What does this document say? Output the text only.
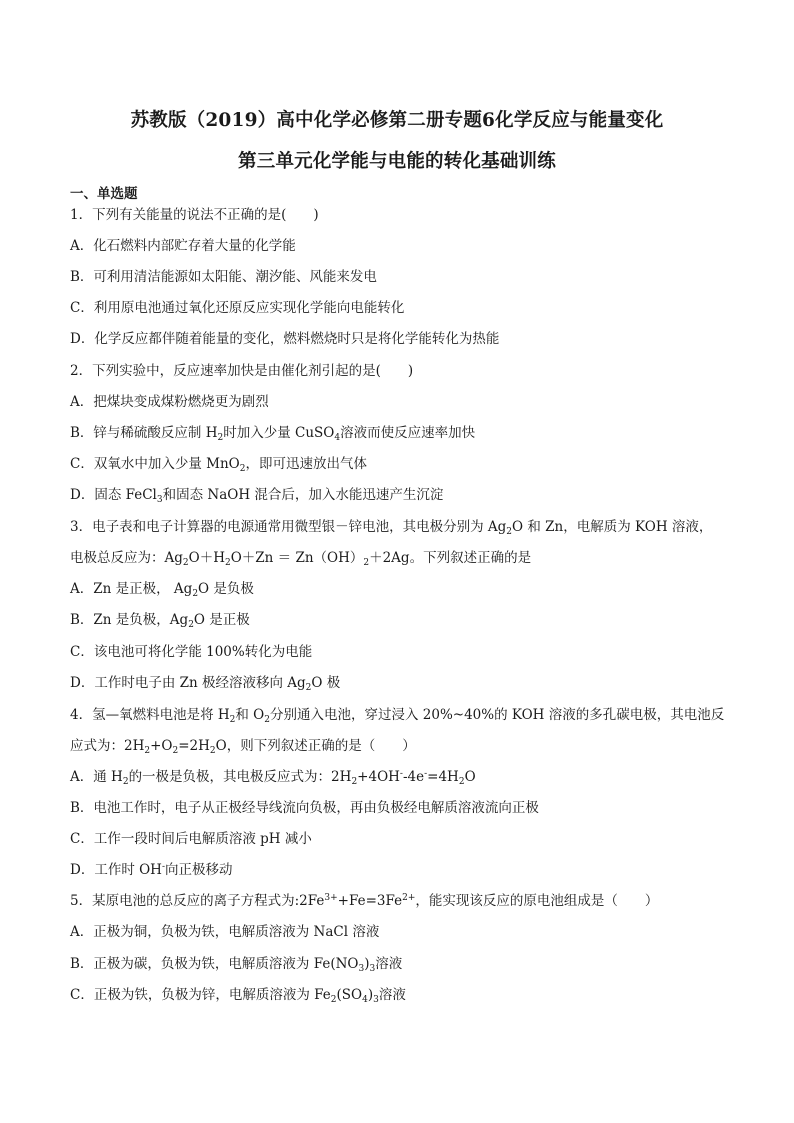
苏教版（2019）高中化学必修第二册专题6化学反应与能量变化
第三单元化学能与电能的转化基础训练
一、单选题
1．下列有关能量的说法不正确的是(　　)
A．化石燃料内部贮存着大量的化学能
B．可利用清洁能源如太阳能、潮汐能、风能来发电
C．利用原电池通过氧化还原反应实现化学能向电能转化
D．化学反应都伴随着能量的变化，燃料燃烧时只是将化学能转化为热能
2．下列实验中，反应速率加快是由催化剂引起的是(　　)
A．把煤块变成煤粉燃烧更为剧烈
B．锌与稀硫酸反应制 $H_2$时加入少量 CuSO$_4$溶液而使反应速率加快
C．双氧水中加入少量 MnO$_2$，即可迅速放出气体
D．固态 FeCl$_3$和固态 NaOH 混合后，加入水能迅速产生沉淀
3．电子表和电子计算器的电源通常用微型银－锌电池，其电极分别为 $Ag_2O$ 和 Zn，电解质为 KOH 溶液，
电极总反应为：$Ag_2O+H_2O+Zn = Zn(OH)_2+2Ag$。下列叙述正确的是
A．Zn 是正极， $Ag_2O$ 是负极
B．Zn 是负极，$Ag_2O$ 是正极
C．该电池可将化学能 100%转化为电能
D．工作时电子由 Zn 极经溶液移向 $Ag_2O$ 极
4．氢—氧燃料电池是将 $H_2$和 $O_2$分别通入电池，穿过浸入 20%~40%的 KOH 溶液的多孔碳电极，其电池反
应式为：$2H_2+O_2=2H_2O$，则下列叙述正确的是（　　）
A．通 $H_2$的一极是负极，其电极反应式为：$2H_2+4OH^--4e^-=4H_2O$
B．电池工作时，电子从正极经导线流向负极，再由负极经电解质溶液流向正极
C．工作一段时间后电解质溶液 pH 减小
D．工作时 OH-向正极移动
5．某原电池的总反应的离子方程式为$:2Fe^{3+}+Fe=3Fe^{2+}$，能实现该反应的原电池组成是（　　）
A．正极为铜，负极为铁，电解质溶液为 NaCl 溶液
B．正极为碳，负极为铁，电解质溶液为 $Fe(NO_3)_3$溶液
C．正极为铁，负极为锌，电解质溶液为 $Fe_2(SO_4)_3$溶液
